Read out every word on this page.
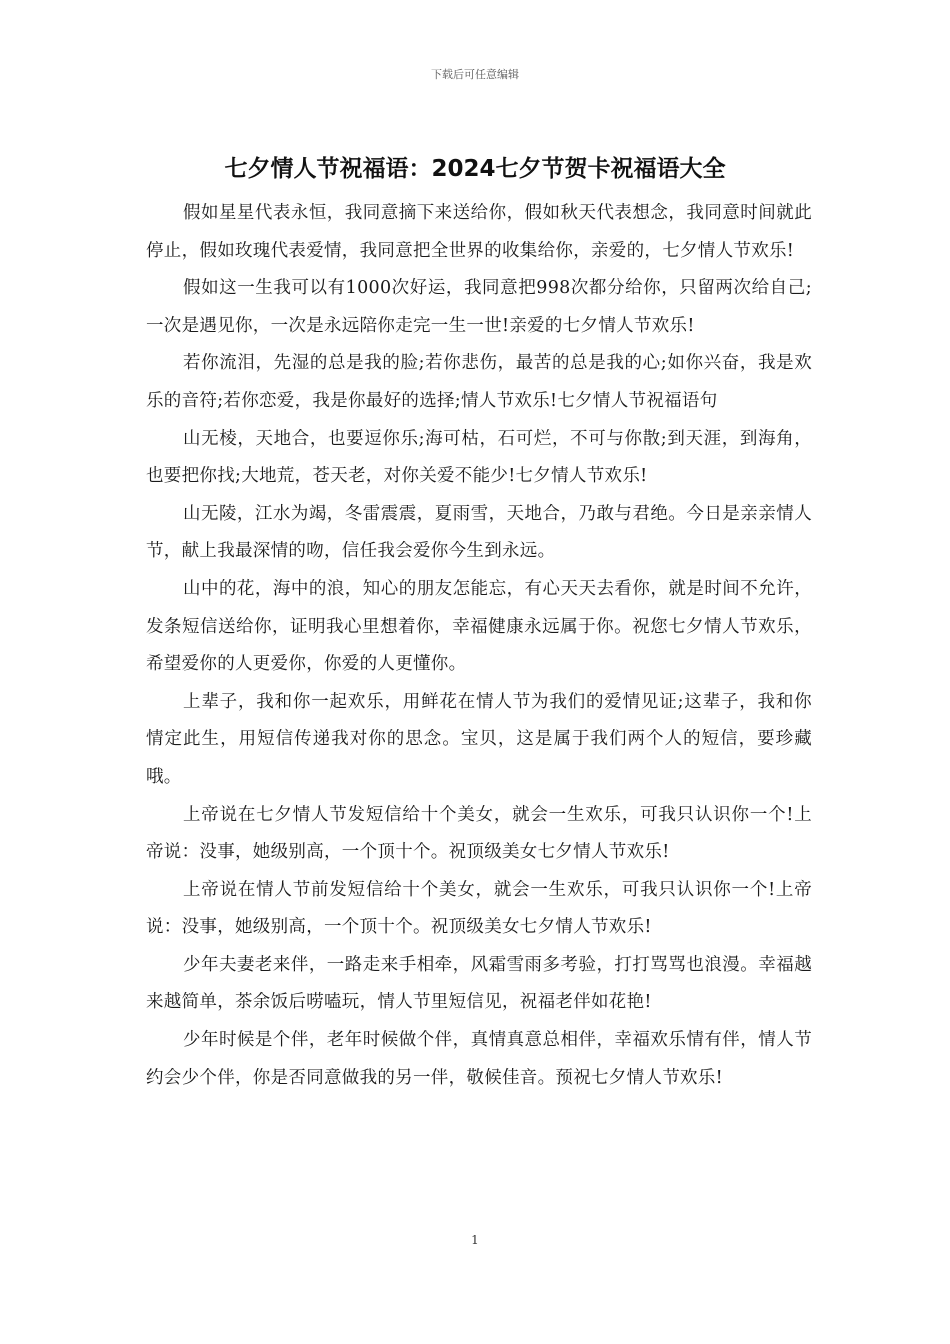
下载后可任意编辑
七夕情人节祝福语：2024七夕节贺卡祝福语大全

假如星星代表永恒，我同意摘下来送给你，假如秋天代表想念，我同意时间就此停止，假如玫瑰代表爱情，我同意把全世界的收集给你，亲爱的，七夕情人节欢乐!

假如这一生我可以有1000次好运，我同意把998次都分给你，只留两次给自己;一次是遇见你，一次是永远陪你走完一生一世!亲爱的七夕情人节欢乐!

若你流泪，先湿的总是我的脸;若你悲伤，最苦的总是我的心;如你兴奋，我是欢乐的音符;若你恋爱，我是你最好的选择;情人节欢乐!七夕情人节祝福语句

山无棱，天地合，也要逗你乐;海可枯，石可烂，不可与你散;到天涯，到海角，也要把你找;大地荒，苍天老，对你关爱不能少!七夕情人节欢乐!

山无陵，江水为竭，冬雷震震，夏雨雪，天地合，乃敢与君绝。今日是亲亲情人节，献上我最深情的吻，信任我会爱你今生到永远。

山中的花，海中的浪，知心的朋友怎能忘，有心天天去看你，就是时间不允许，发条短信送给你，证明我心里想着你，幸福健康永远属于你。祝您七夕情人节欢乐，希望爱你的人更爱你，你爱的人更懂你。

上辈子，我和你一起欢乐，用鲜花在情人节为我们的爱情见证;这辈子，我和你情定此生，用短信传递我对你的思念。宝贝，这是属于我们两个人的短信，要珍藏哦。

上帝说在七夕情人节发短信给十个美女，就会一生欢乐，可我只认识你一个!上帝说：没事，她级别高，一个顶十个。祝顶级美女七夕情人节欢乐!

上帝说在情人节前发短信给十个美女，就会一生欢乐，可我只认识你一个!上帝说：没事，她级别高，一个顶十个。祝顶级美女七夕情人节欢乐!

少年夫妻老来伴，一路走来手相牵，风霜雪雨多考验，打打骂骂也浪漫。幸福越来越简单，茶余饭后唠嗑玩，情人节里短信见，祝福老伴如花艳!

少年时候是个伴，老年时候做个伴，真情真意总相伴，幸福欢乐情有伴，情人节约会少个伴，你是否同意做我的另一伴，敬候佳音。预祝七夕情人节欢乐!

1
